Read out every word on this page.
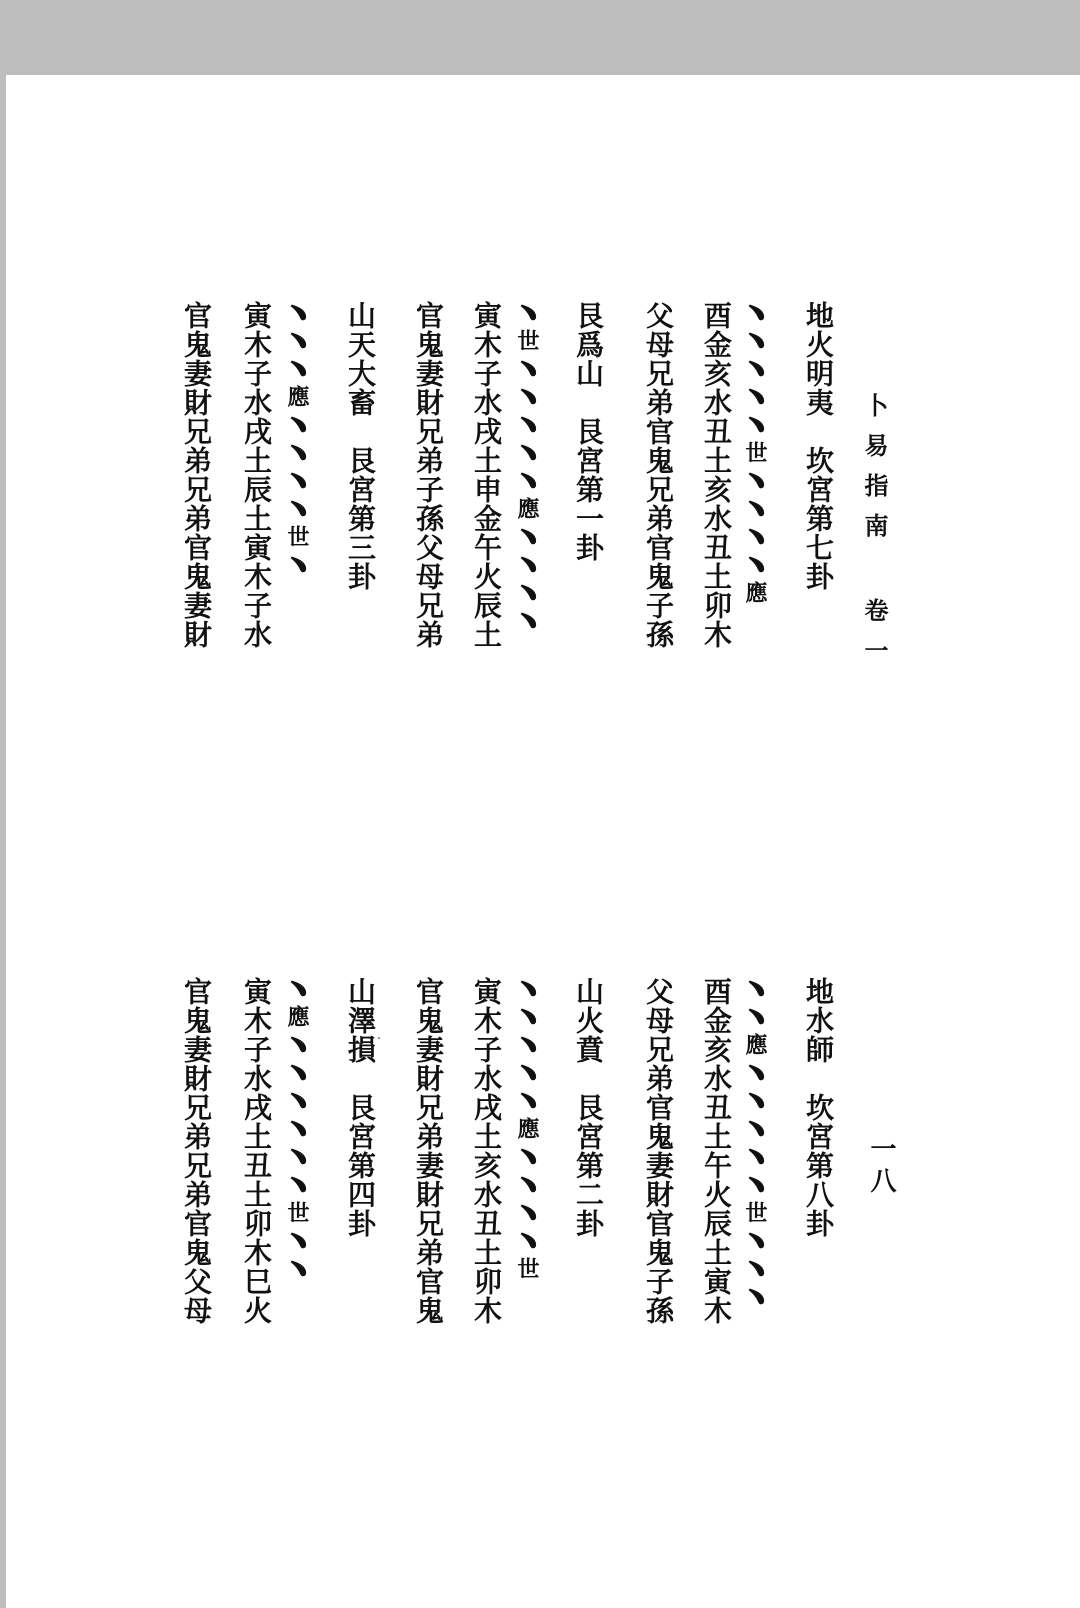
卜易指南 卷一
地火明夷　坎宮第七卦
﹅﹅﹅﹅﹅世﹅﹅﹅﹅應
酉金亥水丑土亥水丑土卯木
父母兄弟官鬼兄弟官鬼子孫
艮爲山　艮宮第一卦
﹅世﹅﹅﹅﹅﹅應﹅﹅﹅﹅
寅木子水戌土申金午火辰土
官鬼妻財兄弟子孫父母兄弟
山天大畜　艮宮第三卦
﹅﹅﹅應﹅﹅﹅﹅世﹅
寅木子水戌土辰土寅木子水
官鬼妻財兄弟兄弟官鬼妻財
一八
地水師　坎宮第八卦
﹅﹅應﹅﹅﹅﹅﹅世﹅﹅﹅
酉金亥水丑土午火辰土寅木
父母兄弟官鬼妻財官鬼子孫
山火賁　艮宮第二卦
﹅﹅﹅﹅﹅應﹅﹅﹅﹅世
寅木子水戌土亥水丑土卯木
官鬼妻財兄弟妻財兄弟官鬼
山澤損　艮宮第四卦
﹅應﹅﹅﹅﹅﹅﹅世﹅﹅
寅木子水戌土丑土卯木巳火
官鬼妻財兄弟兄弟官鬼父母
